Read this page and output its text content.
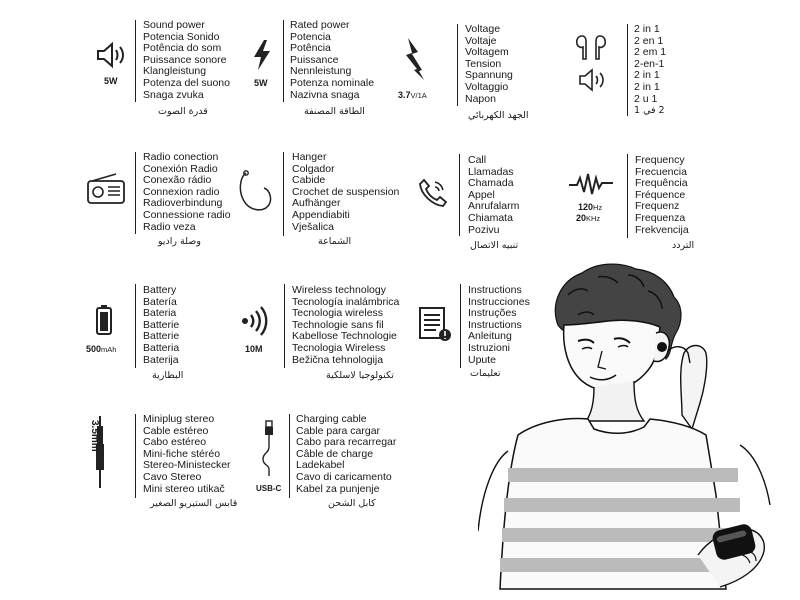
5W
Sound power
Potencia Sonido
Potência do som
Puissance sonore
Klangleistung
Potenza del suono
Snaga zvuka
قدرة الصوت
5W
Rated power
Potencia
Potência
Puissance
Nennleistung
Potenza nominale
Nazivna snaga
الطاقة المصنفة
3.7V/1A
Voltage
Voltaje
Voltagem
Tension
Spannung
Voltaggio
Napon
الجهد الكهربائي
2 in 1
2 en 1
2 em 1
2-en-1
2 in 1
2 in 1
2 u 1
2 في 1
Radio conection
Conexión Radio
Conexão rádio
Connexion radio
Radioverbindung
Connessione radio
Radio veza
وصلة راديو
Hanger
Colgador
Cabide
Crochet de suspension
Aufhänger
Appendiabiti
Vješalica
الشماعة
Call
Llamadas
Chamada
Appel
Anrufalarm
Chiamata
Pozivu
تنبيه الاتصال
120Hz
20KHz
Frequency
Frecuencia
Frequência
Fréquence
Frequenz
Frequenza
Frekvencija
التردد
500mAh
Battery
Batería
Bateria
Batterie
Batterie
Batteria
Baterija
البطارية
10M
Wireless technology
Tecnología inalámbrica
Tecnologia wireless
Technologie sans fil
Kabellose Technologie
Tecnologia Wireless
Bežična tehnologija
تكنولوجيا لاسلكية
Instructions
Instrucciones
Instruções
Instructions
Anleitung
Istruzioni
Upute
تعليمات
3.5mm
Miniplug stereo
Cable estéreo
Cabo estéreo
Mini-fiche stéréo
Stereo-Ministecker
Cavo Stereo
Mini stereo utikač
قابس الستيريو الصغير
USB-C
Charging cable
Cable para cargar
Cabo para recarregar
Câble de charge
Ladekabel
Cavo di caricamento
Kabel za punjenje
كابل الشحن
